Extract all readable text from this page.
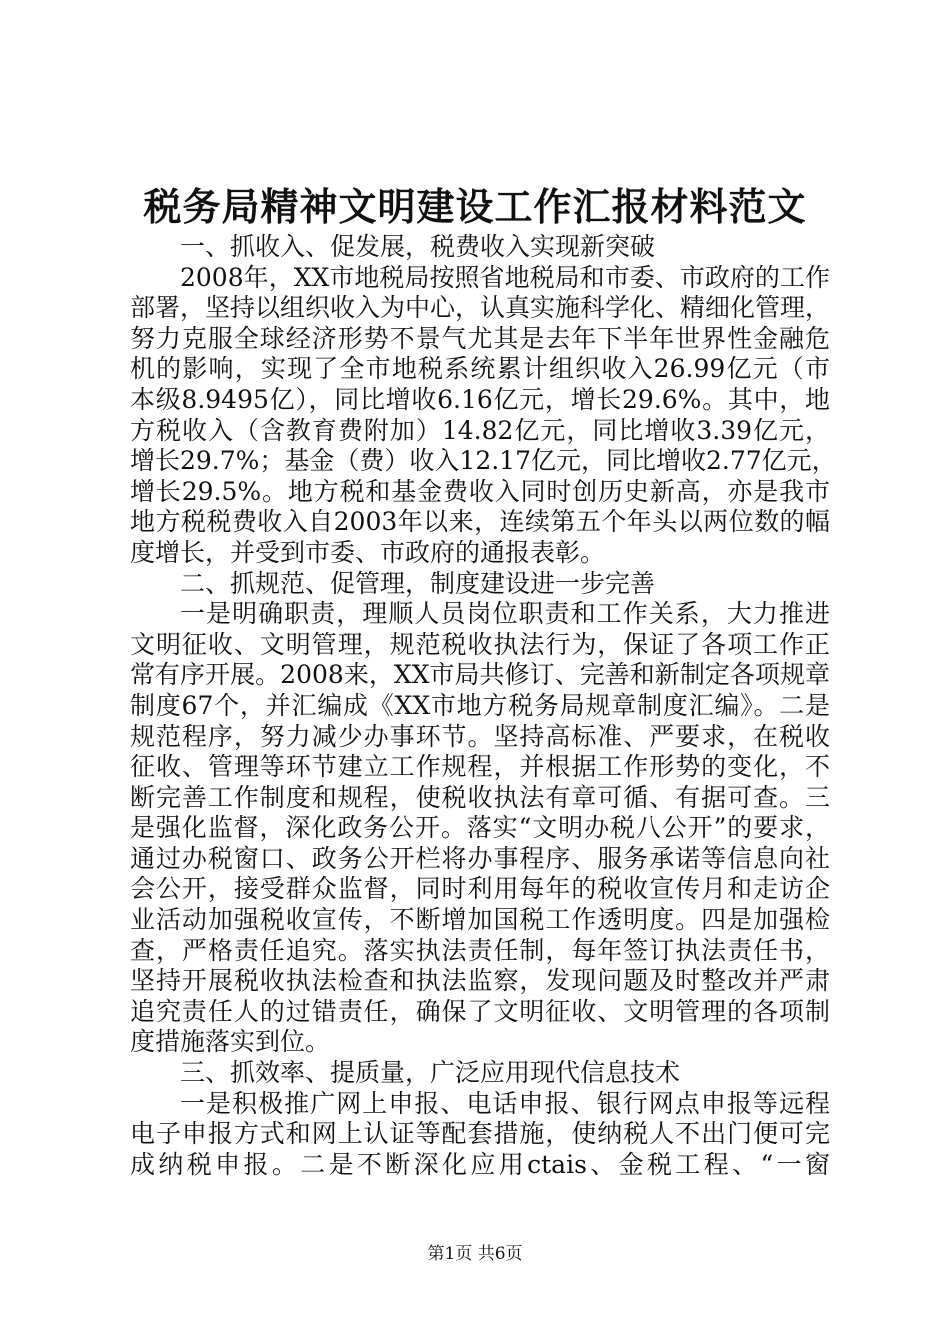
税务局精神文明建设工作汇报材料范文
一、抓收入、促发展，税费收入实现新突破
2008年，XX市地税局按照省地税局和市委、市政府的工作
部署，坚持以组织收入为中心，认真实施科学化、精细化管理，
努力克服全球经济形势不景气尤其是去年下半年世界性金融危
机的影响，实现了全市地税系统累计组织收入26.99亿元（市
本级8.9495亿），同比增收6.16亿元，增长29.6%。其中，地
方税收入（含教育费附加）14.82亿元，同比增收3.39亿元，
增长29.7%；基金（费）收入12.17亿元，同比增收2.77亿元，
增长29.5%。地方税和基金费收入同时创历史新高，亦是我市
地方税税费收入自2003年以来，连续第五个年头以两位数的幅
度增长，并受到市委、市政府的通报表彰。
二、抓规范、促管理，制度建设进一步完善
一是明确职责，理顺人员岗位职责和工作关系，大力推进
文明征收、文明管理，规范税收执法行为，保证了各项工作正
常有序开展。2008来，XX市局共修订、完善和新制定各项规章
制度67个，并汇编成《XX市地方税务局规章制度汇编》。二是
规范程序，努力减少办事环节。坚持高标准、严要求，在税收
征收、管理等环节建立工作规程，并根据工作形势的变化，不
断完善工作制度和规程，使税收执法有章可循、有据可查。三
是强化监督，深化政务公开。落实“文明办税八公开”的要求，
通过办税窗口、政务公开栏将办事程序、服务承诺等信息向社
会公开，接受群众监督，同时利用每年的税收宣传月和走访企
业活动加强税收宣传，不断增加国税工作透明度。四是加强检
查，严格责任追究。落实执法责任制，每年签订执法责任书，
坚持开展税收执法检查和执法监察，发现问题及时整改并严肃
追究责任人的过错责任，确保了文明征收、文明管理的各项制
度措施落实到位。
三、抓效率、提质量，广泛应用现代信息技术
一是积极推广网上申报、电话申报、银行网点申报等远程
电子申报方式和网上认证等配套措施，使纳税人不出门便可完
成纳税申报。二是不断深化应用ctais、金税工程、“一窗
第1页 共6页
